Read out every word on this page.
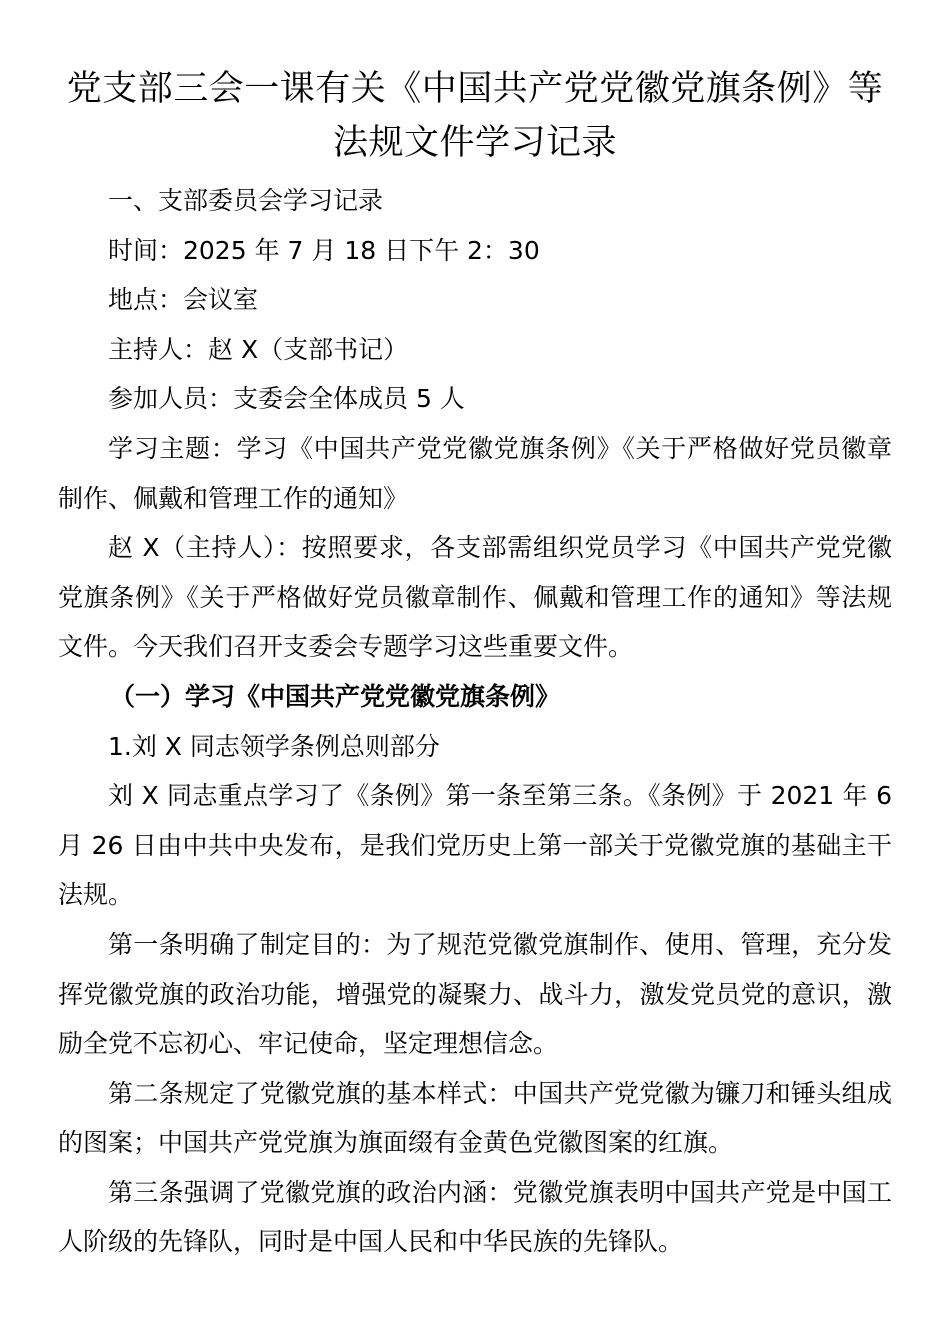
党支部三会一课有关《中国共产党党徽党旗条例》等
法规文件学习记录

一、支部委员会学习记录

时间：2025 年 7 月 18 日下午 2：30

地点：会议室

主持人：赵 X（支部书记）

参加人员：支委会全体成员 5 人

学习主题：学习《中国共产党党徽党旗条例》《关于严格做好党员徽章制作、佩戴和管理工作的通知》

赵 X（主持人）：按照要求，各支部需组织党员学习《中国共产党党徽党旗条例》《关于严格做好党员徽章制作、佩戴和管理工作的通知》等法规文件。今天我们召开支委会专题学习这些重要文件。

（一）学习《中国共产党党徽党旗条例》

1.刘 X 同志领学条例总则部分

刘 X 同志重点学习了《条例》第一条至第三条。《条例》于 2021 年 6 月 26 日由中共中央发布，是我们党历史上第一部关于党徽党旗的基础主干法规。

第一条明确了制定目的：为了规范党徽党旗制作、使用、管理，充分发挥党徽党旗的政治功能，增强党的凝聚力、战斗力，激发党员党的意识，激励全党不忘初心、牢记使命，坚定理想信念。

第二条规定了党徽党旗的基本样式：中国共产党党徽为镰刀和锤头组成的图案；中国共产党党旗为旗面缀有金黄色党徽图案的红旗。

第三条强调了党徽党旗的政治内涵：党徽党旗表明中国共产党是中国工人阶级的先锋队，同时是中国人民和中华民族的先锋队。
